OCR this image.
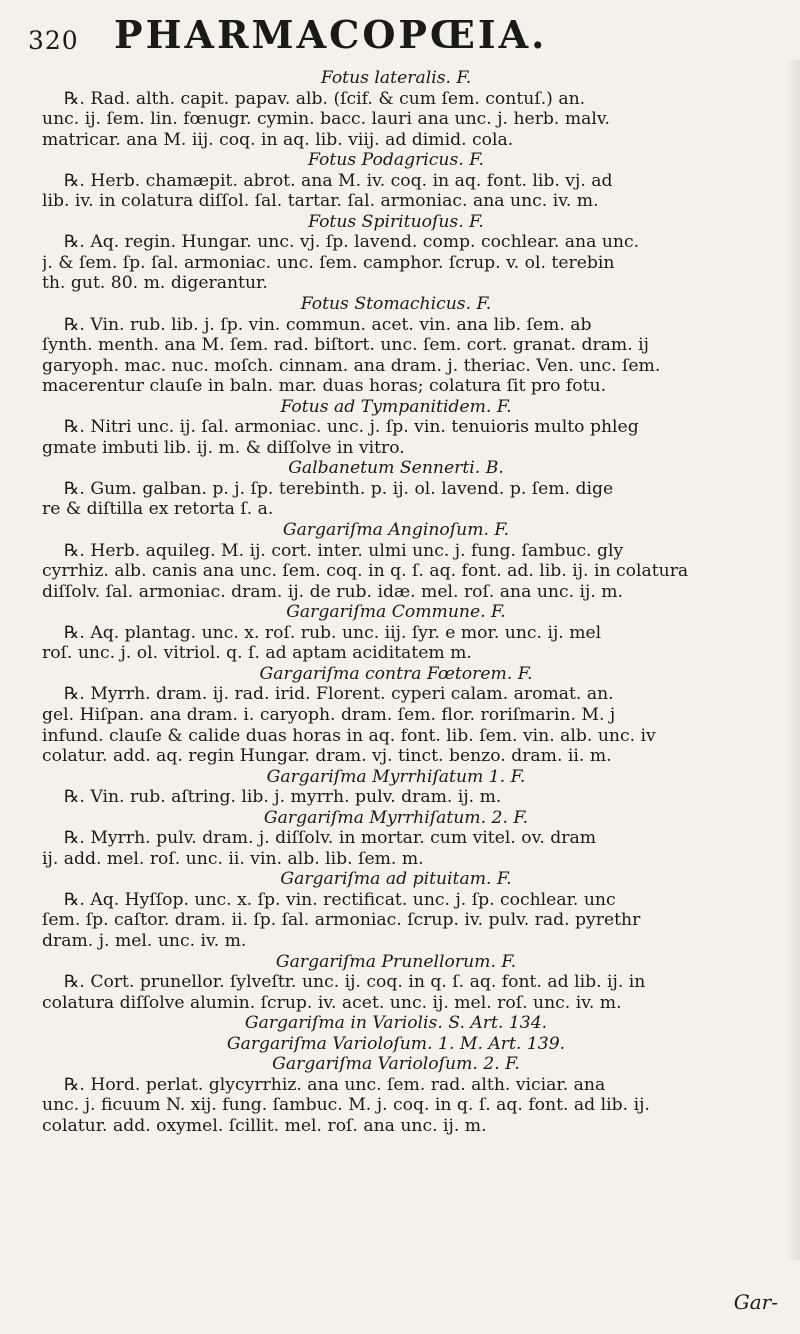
320 PHARMACOPŒIA.

Fotus lateralis. F.

℞. Rad. alth. capit. papav. alb. (ſcif. & cum ſem. contuſ.) an.

unc. ij. ſem. lin. fœnugr. cymin. bacc. lauri ana unc. j. herb. malv.

matricar. ana M. iij. coq. in aq. lib. viij. ad dimid. cola.

Fotus Podagricus. F.

℞. Herb. chamæpit. abrot. ana M. iv. coq. in aq. font. lib. vj. ad

lib. iv. in colatura diſſol. ſal. tartar. ſal. armoniac. ana unc. iv. m.

Fotus Spirituoſus. F.

℞. Aq. regin. Hungar. unc. vj. ſp. lavend. comp. cochlear. ana unc.

j. & ſem. ſp. ſal. armoniac. unc. ſem. camphor. ſcrup. v. ol. terebin

th. gut. 80. m. digerantur.

Fotus Stomachicus. F.

℞. Vin. rub. lib. j. ſp. vin. commun. acet. vin. ana lib. ſem. ab

ſynth. menth. ana M. ſem. rad. biſtort. unc. ſem. cort. granat. dram. ij

garyoph. mac. nuc. moſch. cinnam. ana dram. j. theriac. Ven. unc. ſem.

macerentur clauſe in baln. mar. duas horas; colatura ſit pro fotu.

Fotus ad Tympanitidem. F.

℞. Nitri unc. ij. ſal. armoniac. unc. j. ſp. vin. tenuioris multo phleg

gmate imbuti lib. ij. m. & diſſolve in vitro.

Galbanetum Sennerti. B.

℞. Gum. galban. p. j. ſp. terebinth. p. ij. ol. lavend. p. ſem. dige

re & diſtilla ex retorta ſ. a.

Gargariſma Anginoſum. F.

℞. Herb. aquileg. M. ij. cort. inter. ulmi unc. j. fung. ſambuc. gly

cyrrhiz. alb. canis ana unc. ſem. coq. in q. ſ. aq. font. ad. lib. ij. in colatura

diſſolv. ſal. armoniac. dram. ij. de rub. idæ. mel. roſ. ana unc. ij. m.

Gargariſma Commune. F.

℞. Aq. plantag. unc. x. roſ. rub. unc. iij. ſyr. e mor. unc. ij. mel

roſ. unc. j. ol. vitriol. q. ſ. ad aptam aciditatem m.

Gargariſma contra Fœtorem. F.

℞. Myrrh. dram. ij. rad. irid. Florent. cyperi calam. aromat. an.

gel. Hiſpan. ana dram. i. caryoph. dram. ſem. flor. roriſmarin. M. j

infund. clauſe & calide duas horas in aq. font. lib. ſem. vin. alb. unc. iv

colatur. add. aq. regin Hungar. dram. vj. tinct. benzo. dram. ii. m.

Gargariſma Myrrhiſatum 1. F.

℞. Vin. rub. aſtring. lib. j. myrrh. pulv. dram. ij. m.

Gargariſma Myrrhiſatum. 2. F.

℞. Myrrh. pulv. dram. j. diſſolv. in mortar. cum vitel. ov. dram

ij. add. mel. roſ. unc. ii. vin. alb. lib. ſem. m.

Gargariſma ad pituitam. F.

℞. Aq. Hyſſop. unc. x. ſp. vin. rectificat. unc. j. ſp. cochlear. unc

ſem. ſp. caſtor. dram. ii. ſp. ſal. armoniac. ſcrup. iv. pulv. rad. pyrethr

dram. j. mel. unc. iv. m.

Gargariſma Prunellorum. F.

℞. Cort. prunellor. ſylveſtr. unc. ij. coq. in q. ſ. aq. font. ad lib. ij. in

colatura diſſolve alumin. ſcrup. iv. acet. unc. ij. mel. roſ. unc. iv. m.

Gargariſma in Variolis. S. Art. 134.

Gargariſma Varioloſum. 1. M. Art. 139.

Gargariſma Varioloſum. 2. F.

℞. Hord. perlat. glycyrrhiz. ana unc. ſem. rad. alth. viciar. ana

unc. j. ficuum N. xij. fung. ſambuc. M. j. coq. in q. ſ. aq. font. ad lib. ij.

colatur. add. oxymel. ſcillit. mel. roſ. ana unc. ij. m.

Gar-
